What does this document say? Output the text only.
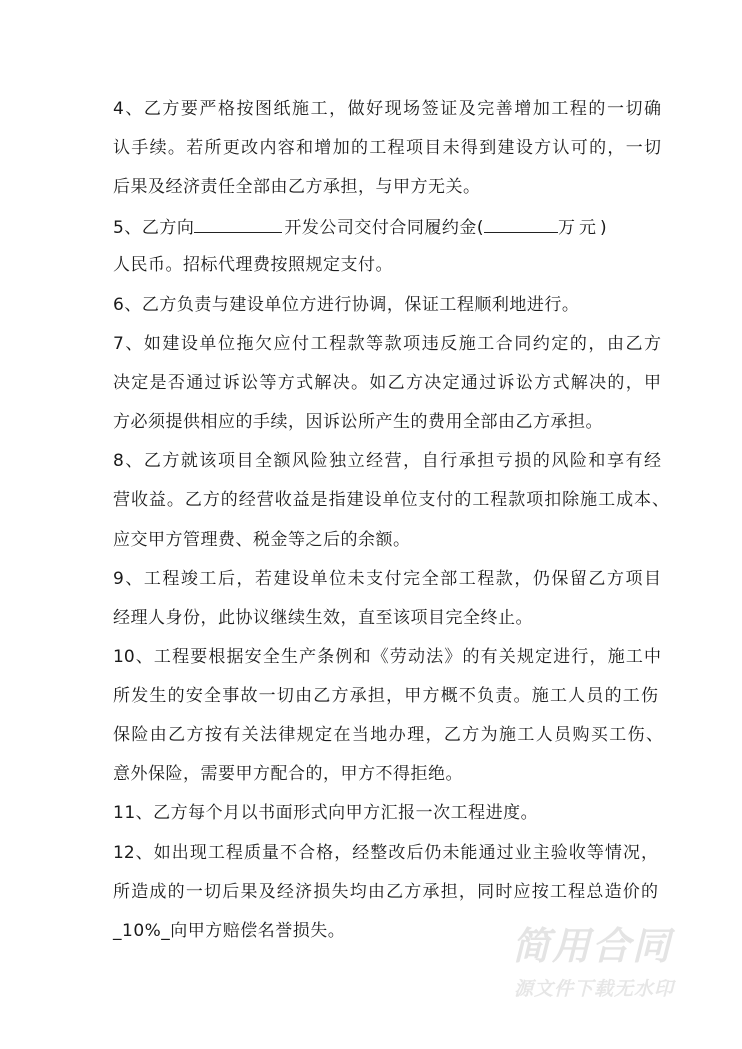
4、乙方要严格按图纸施工，做好现场签证及完善增加工程的一切确
认手续。若所更改内容和增加的工程项目未得到建设方认可的，一切
后果及经济责任全部由乙方承担，与甲方无关。
5、乙方向	开发公司交付合同履约金(	万元)
人民币。招标代理费按照规定支付。
6、乙方负责与建设单位方进行协调，保证工程顺利地进行。
7、如建设单位拖欠应付工程款等款项违反施工合同约定的，由乙方
决定是否通过诉讼等方式解决。如乙方决定通过诉讼方式解决的，甲
方必须提供相应的手续，因诉讼所产生的费用全部由乙方承担。
8、乙方就该项目全额风险独立经营，自行承担亏损的风险和享有经
营收益。乙方的经营收益是指建设单位支付的工程款项扣除施工成本、
应交甲方管理费、税金等之后的余额。
9、工程竣工后，若建设单位未支付完全部工程款，仍保留乙方项目
经理人身份，此协议继续生效，直至该项目完全终止。
10、工程要根据安全生产条例和《劳动法》的有关规定进行，施工中
所发生的安全事故一切由乙方承担，甲方概不负责。施工人员的工伤
保险由乙方按有关法律规定在当地办理，乙方为施工人员购买工伤、
意外保险，需要甲方配合的，甲方不得拒绝。
11、乙方每个月以书面形式向甲方汇报一次工程进度。
12、如出现工程质量不合格，经整改后仍未能通过业主验收等情况，
所造成的一切后果及经济损失均由乙方承担，同时应按工程总造价的
_10%_向甲方赔偿名誉损失。	简用合同
源文件下载无水印
